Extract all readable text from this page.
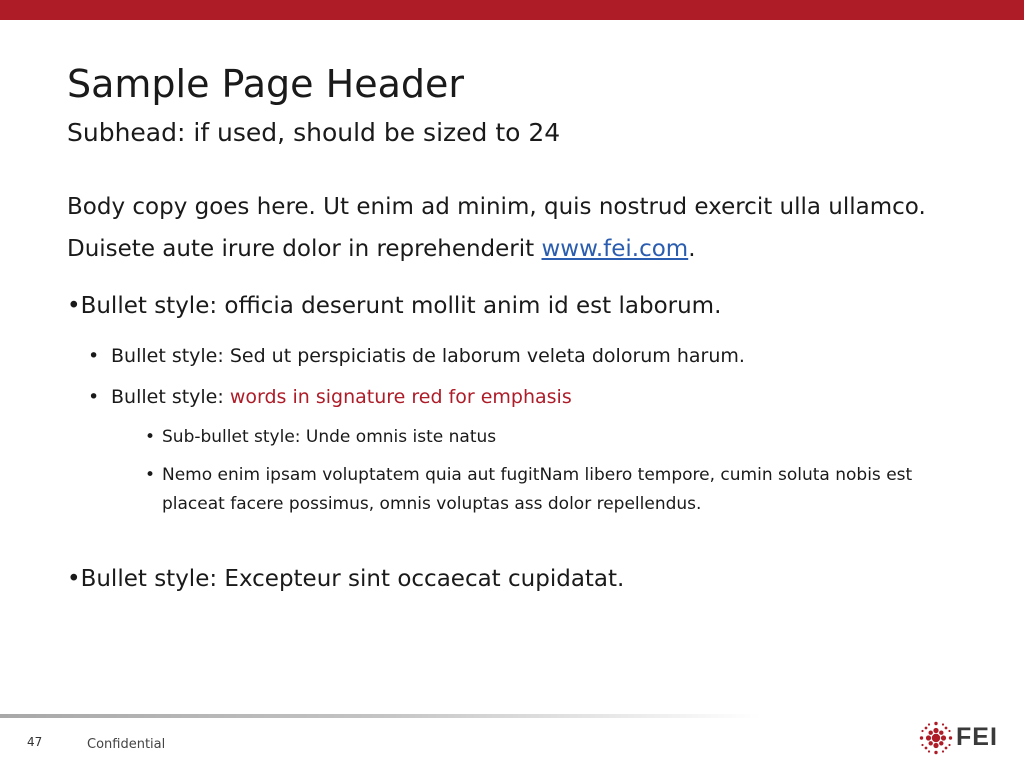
Sample Page Header
Subhead: if used, should be sized to 24
Body copy goes here. Ut enim ad minim, quis nostrud exercit ulla ullamco. Duisete aute irure dolor in reprehenderit www.fei.com.
•Bullet style: officia deserunt mollit anim id est laborum.
• Bullet style: Sed ut perspiciatis de laborum veleta dolorum harum.
• Bullet style: words in signature red for emphasis
• Sub-bullet style: Unde omnis iste natus
• Nemo enim ipsam voluptatem quia aut fugitNam libero tempore, cumin soluta nobis est placeat facere possimus, omnis voluptas ass dolor repellendus.
•Bullet style: Excepteur sint occaecat cupidatat.
47	Confidential	FEI
